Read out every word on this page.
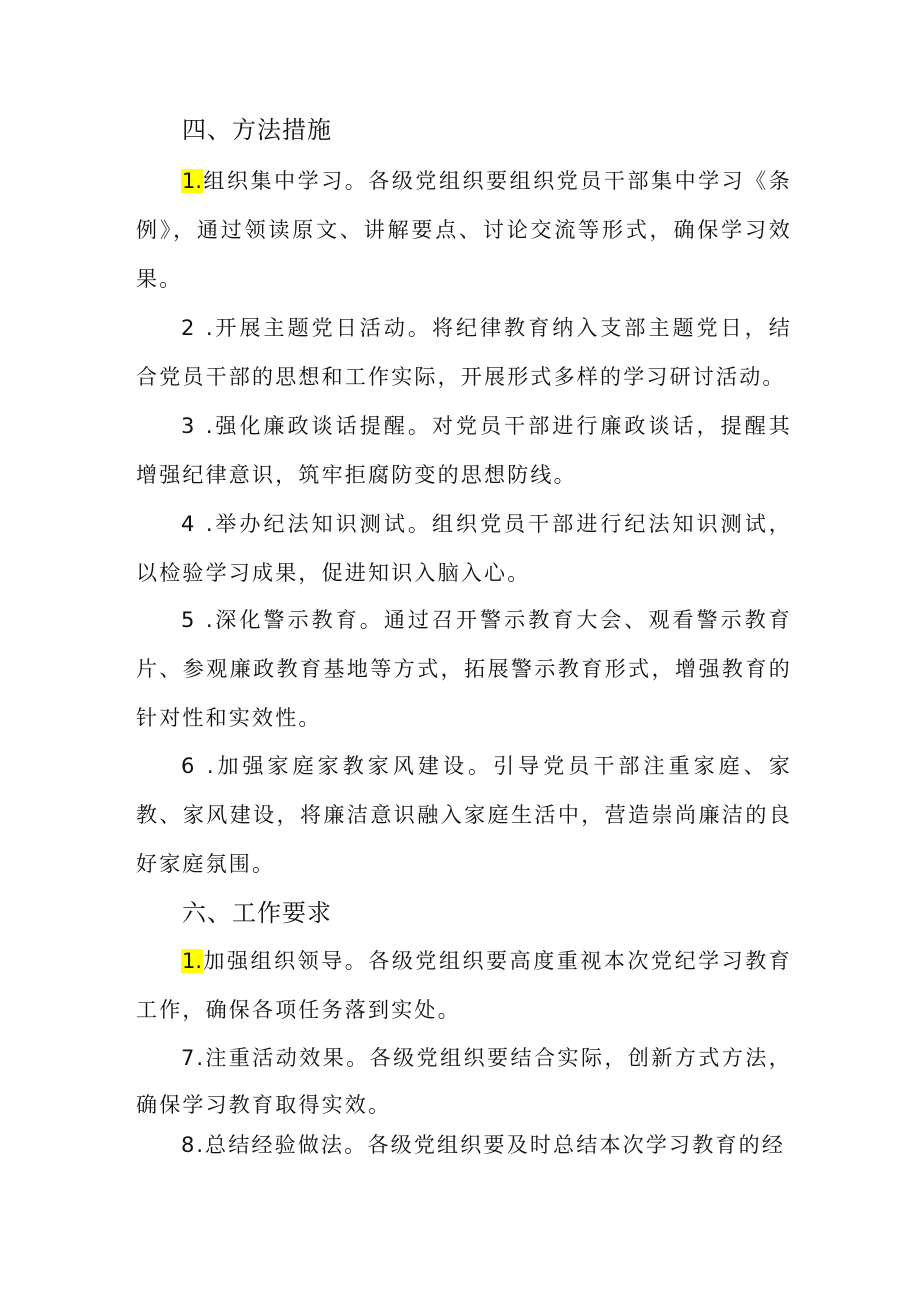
四、方法措施

1.组织集中学习。各级党组织要组织党员干部集中学习《条例》，通过领读原文、讲解要点、讨论交流等形式，确保学习效果。

2 .开展主题党日活动。将纪律教育纳入支部主题党日，结合党员干部的思想和工作实际，开展形式多样的学习研讨活动。

3 .强化廉政谈话提醒。对党员干部进行廉政谈话，提醒其增强纪律意识，筑牢拒腐防变的思想防线。

4 .举办纪法知识测试。组织党员干部进行纪法知识测试，以检验学习成果，促进知识入脑入心。

5 .深化警示教育。通过召开警示教育大会、观看警示教育片、参观廉政教育基地等方式，拓展警示教育形式，增强教育的针对性和实效性。

6 .加强家庭家教家风建设。引导党员干部注重家庭、家教、家风建设，将廉洁意识融入家庭生活中，营造崇尚廉洁的良好家庭氛围。

六、工作要求

1.加强组织领导。各级党组织要高度重视本次党纪学习教育工作，确保各项任务落到实处。

7.注重活动效果。各级党组织要结合实际，创新方式方法，确保学习教育取得实效。

8.总结经验做法。各级党组织要及时总结本次学习教育的经
